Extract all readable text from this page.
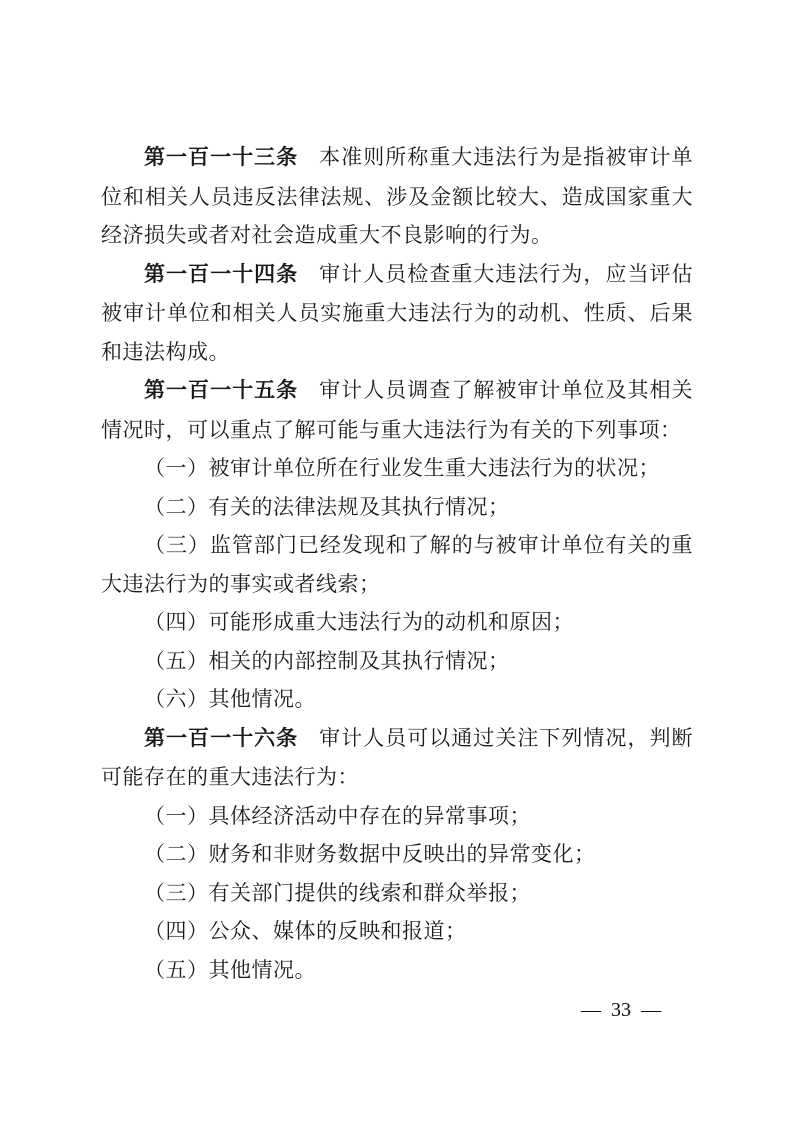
第一百一十三条 本准则所称重大违法行为是指被审计单位和相关人员违反法律法规、涉及金额比较大、造成国家重大经济损失或者对社会造成重大不良影响的行为。

第一百一十四条 审计人员检查重大违法行为，应当评估被审计单位和相关人员实施重大违法行为的动机、性质、后果和违法构成。

第一百一十五条 审计人员调查了解被审计单位及其相关情况时，可以重点了解可能与重大违法行为有关的下列事项：

（一）被审计单位所在行业发生重大违法行为的状况；

（二）有关的法律法规及其执行情况；

（三）监管部门已经发现和了解的与被审计单位有关的重大违法行为的事实或者线索；

（四）可能形成重大违法行为的动机和原因；

（五）相关的内部控制及其执行情况；

（六）其他情况。

第一百一十六条 审计人员可以通过关注下列情况，判断可能存在的重大违法行为：

（一）具体经济活动中存在的异常事项；

（二）财务和非财务数据中反映出的异常变化；

（三）有关部门提供的线索和群众举报；

（四）公众、媒体的反映和报道；

（五）其他情况。

— 33 —
